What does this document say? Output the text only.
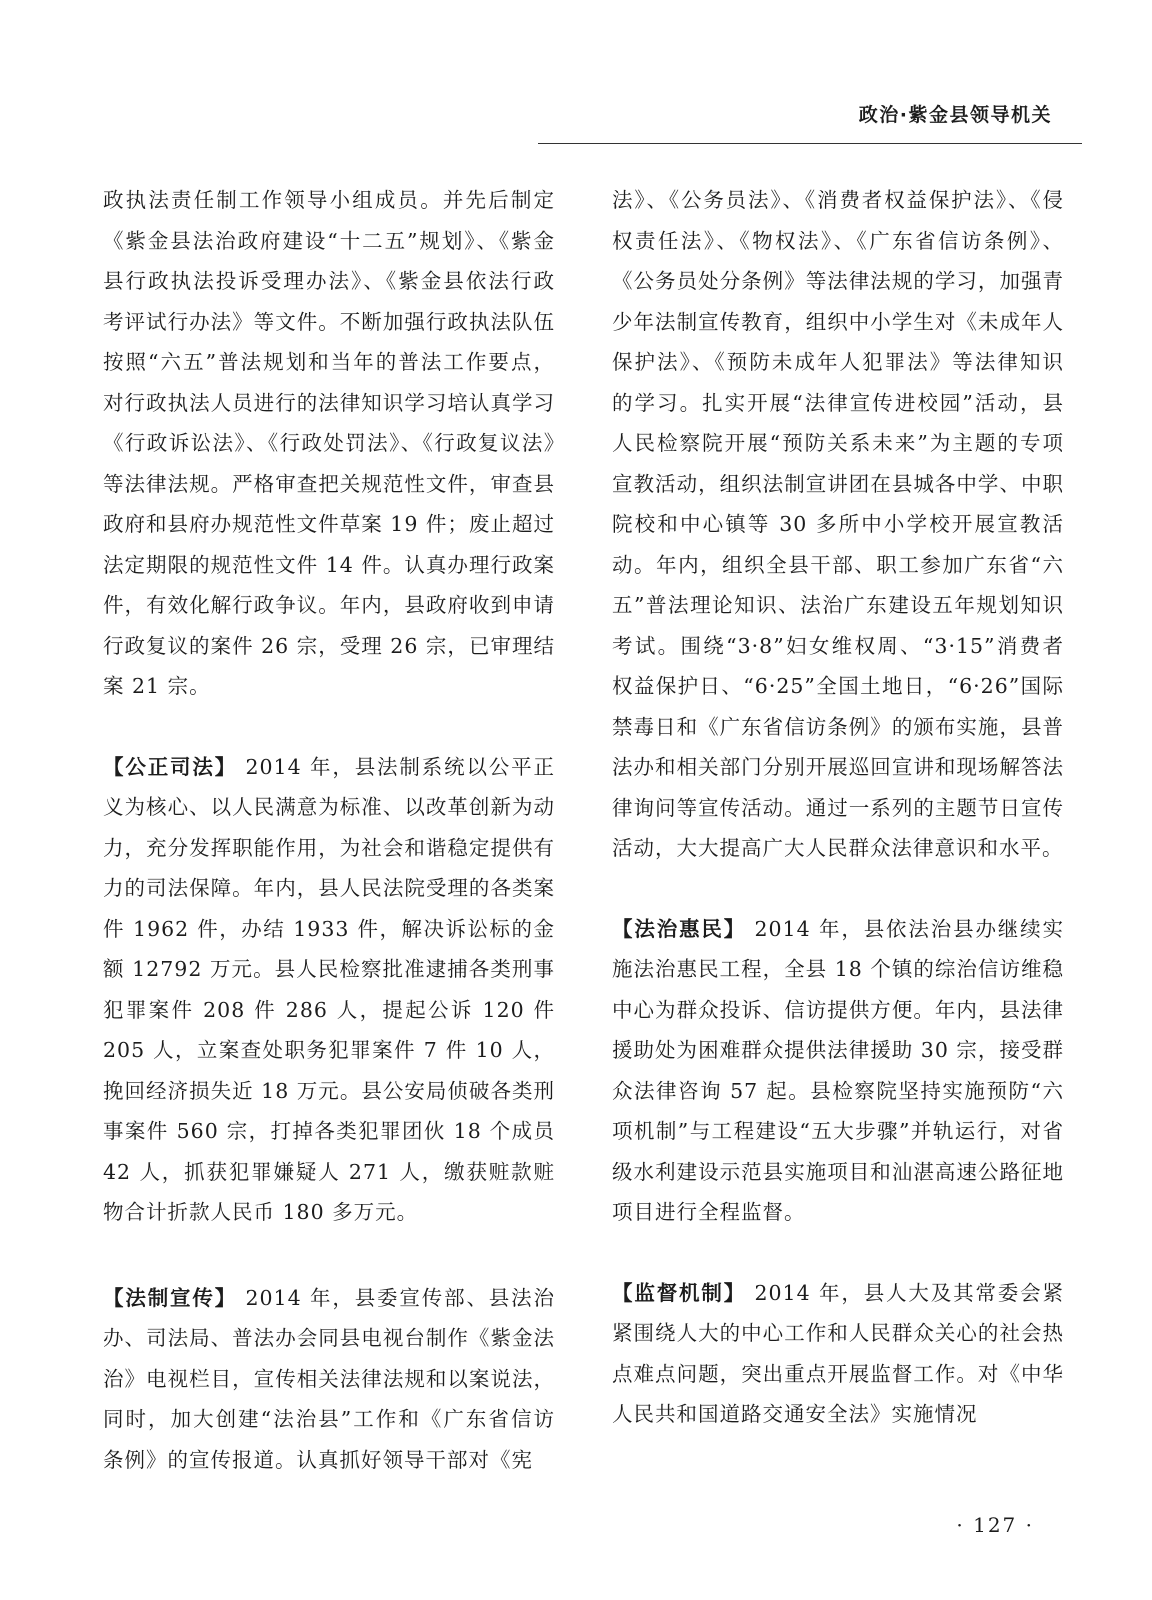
政治·紫金县领导机关

政执法责任制工作领导小组成员。并先后制定《紫金县法治政府建设“十二五”规划》、《紫金县行政执法投诉受理办法》、《紫金县依法行政考评试行办法》等文件。不断加强行政执法队伍按照“六五”普法规划和当年的普法工作要点，对行政执法人员进行的法律知识学习培认真学习《行政诉讼法》、《行政处罚法》、《行政复议法》等法律法规。严格审查把关规范性文件，审查县政府和县府办规范性文件草案 19 件；废止超过法定期限的规范性文件 14 件。认真办理行政案件，有效化解行政争议。年内，县政府收到申请行政复议的案件 26 宗，受理 26 宗，已审理结案 21 宗。

【公正司法】 2014 年，县法制系统以公平正义为核心、以人民满意为标准、以改革创新为动力，充分发挥职能作用，为社会和谐稳定提供有力的司法保障。年内，县人民法院受理的各类案件 1962 件，办结 1933 件，解决诉讼标的金额 12792 万元。县人民检察批准逮捕各类刑事犯罪案件 208 件 286 人，提起公诉 120 件 205 人，立案查处职务犯罪案件 7 件 10 人，挽回经济损失近 18 万元。县公安局侦破各类刑事案件 560 宗，打掉各类犯罪团伙 18 个成员 42 人，抓获犯罪嫌疑人 271 人，缴获赃款赃物合计折款人民币 180 多万元。

【法制宣传】 2014 年，县委宣传部、县法治办、司法局、普法办会同县电视台制作《紫金法治》电视栏目，宣传相关法律法规和以案说法，同时，加大创建“法治县”工作和《广东省信访条例》的宣传报道。认真抓好领导干部对《宪

法》、《公务员法》、《消费者权益保护法》、《侵权责任法》、《物权法》、《广东省信访条例》、《公务员处分条例》等法律法规的学习，加强青少年法制宣传教育，组织中小学生对《未成年人保护法》、《预防未成年人犯罪法》等法律知识的学习。扎实开展“法律宣传进校园”活动，县人民检察院开展“预防关系未来”为主题的专项宣教活动，组织法制宣讲团在县城各中学、中职院校和中心镇等 30 多所中小学校开展宣教活动。年内，组织全县干部、职工参加广东省“六五”普法理论知识、法治广东建设五年规划知识考试。围绕“3·8”妇女维权周、“3·15”消费者权益保护日、“6·25”全国土地日，“6·26”国际禁毒日和《广东省信访条例》的颁布实施，县普法办和相关部门分别开展巡回宣讲和现场解答法律询问等宣传活动。通过一系列的主题节日宣传活动，大大提高广大人民群众法律意识和水平。

【法治惠民】 2014 年，县依法治县办继续实施法治惠民工程，全县 18 个镇的综治信访维稳中心为群众投诉、信访提供方便。年内，县法律援助处为困难群众提供法律援助 30 宗，接受群众法律咨询 57 起。县检察院坚持实施预防“六项机制”与工程建设“五大步骤”并轨运行，对省级水利建设示范县实施项目和汕湛高速公路征地项目进行全程监督。

【监督机制】 2014 年，县人大及其常委会紧紧围绕人大的中心工作和人民群众关心的社会热点难点问题，突出重点开展监督工作。对《中华人民共和国道路交通安全法》实施情况

· 127 ·
